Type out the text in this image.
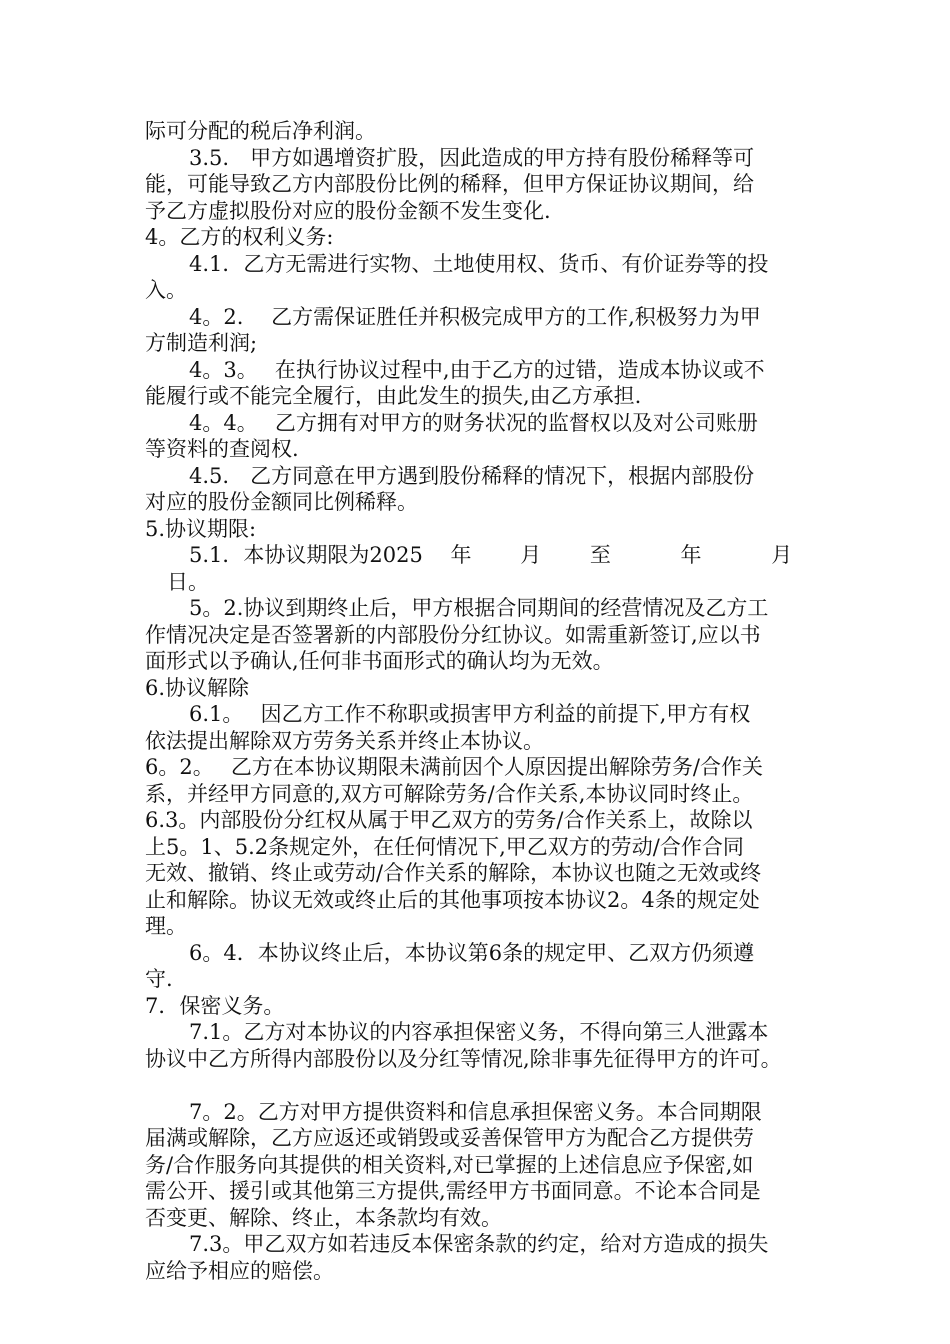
际可分配的税后净利润。
3.5.　甲方如遇增资扩股，因此造成的甲方持有股份稀释等可
能，可能导致乙方内部股份比例的稀释，但甲方保证协议期间，给
予乙方虚拟股份对应的股份金额不发生变化.
4。乙方的权利义务:
4.1．乙方无需进行实物、土地使用权、货币、有价证券等的投
入。
4。2.　 乙方需保证胜任并积极完成甲方的工作,积极努力为甲
方制造利润;
4。3。　 在执行协议过程中,由于乙方的过错，造成本协议或不
能履行或不能完全履行，由此发生的损失,由乙方承担.
4。4。　 乙方拥有对甲方的财务状况的监督权以及对公司账册
等资料的查阅权.
4.5.　乙方同意在甲方遇到股份稀释的情况下，根据内部股份
对应的股份金额同比例稀释。
5.协议期限:
5.1．本协议期限为2025　 年　　 月　　 至　　　 年　　　 月
日。
5。2.协议到期终止后，甲方根据合同期间的经营情况及乙方工
作情况决定是否签署新的内部股份分红协议。如需重新签订,应以书
面形式以予确认,任何非书面形式的确认均为无效。
6.协议解除
6.1。　 因乙方工作不称职或损害甲方利益的前提下,甲方有权
依法提出解除双方劳务关系并终止本协议。
6。2。　 乙方在本协议期限未满前因个人原因提出解除劳务/合作关
系，并经甲方同意的,双方可解除劳务/合作关系,本协议同时终止。
6.3。内部股份分红权从属于甲乙双方的劳务/合作关系上，故除以
上5。1、5.2条规定外，在任何情况下,甲乙双方的劳动/合作合同
无效、撤销、终止或劳动/合作关系的解除，本协议也随之无效或终
止和解除。协议无效或终止后的其他事项按本协议2。4条的规定处
理。
6。4．本协议终止后，本协议第6条的规定甲、乙双方仍须遵
守.
7．保密义务。
7.1。乙方对本协议的内容承担保密义务，不得向第三人泄露本
协议中乙方所得内部股份以及分红等情况,除非事先征得甲方的许可。
7。2。乙方对甲方提供资料和信息承担保密义务。本合同期限
届满或解除，乙方应返还或销毁或妥善保管甲方为配合乙方提供劳
务/合作服务向其提供的相关资料,对已掌握的上述信息应予保密,如
需公开、援引或其他第三方提供,需经甲方书面同意。不论本合同是
否变更、解除、终止，本条款均有效。
7.3。甲乙双方如若违反本保密条款的约定，给对方造成的损失
应给予相应的赔偿。
